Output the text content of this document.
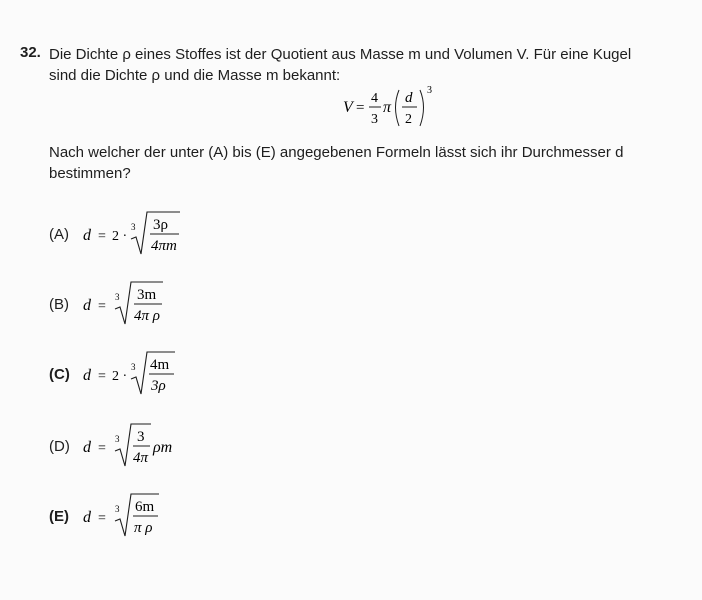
32. Die Dichte ρ eines Stoffes ist der Quotient aus Masse m und Volumen V. Für eine Kugel
sind die Dichte ρ und die Masse m bekannt:
V =
4
3
π
d
2
3
Nach welcher der unter (A) bis (E) angegebenen Formeln lässt sich ihr Durchmesser d
bestimmen?
(A) d = 2 ·
3 3ρ
4πm
(B) d =
3 3m
4π ρ
(C) d = 2 ·
3 4m
3ρ
(D) d =
3 3
4π
ρm
(E) d =
3 6m
π ρ
